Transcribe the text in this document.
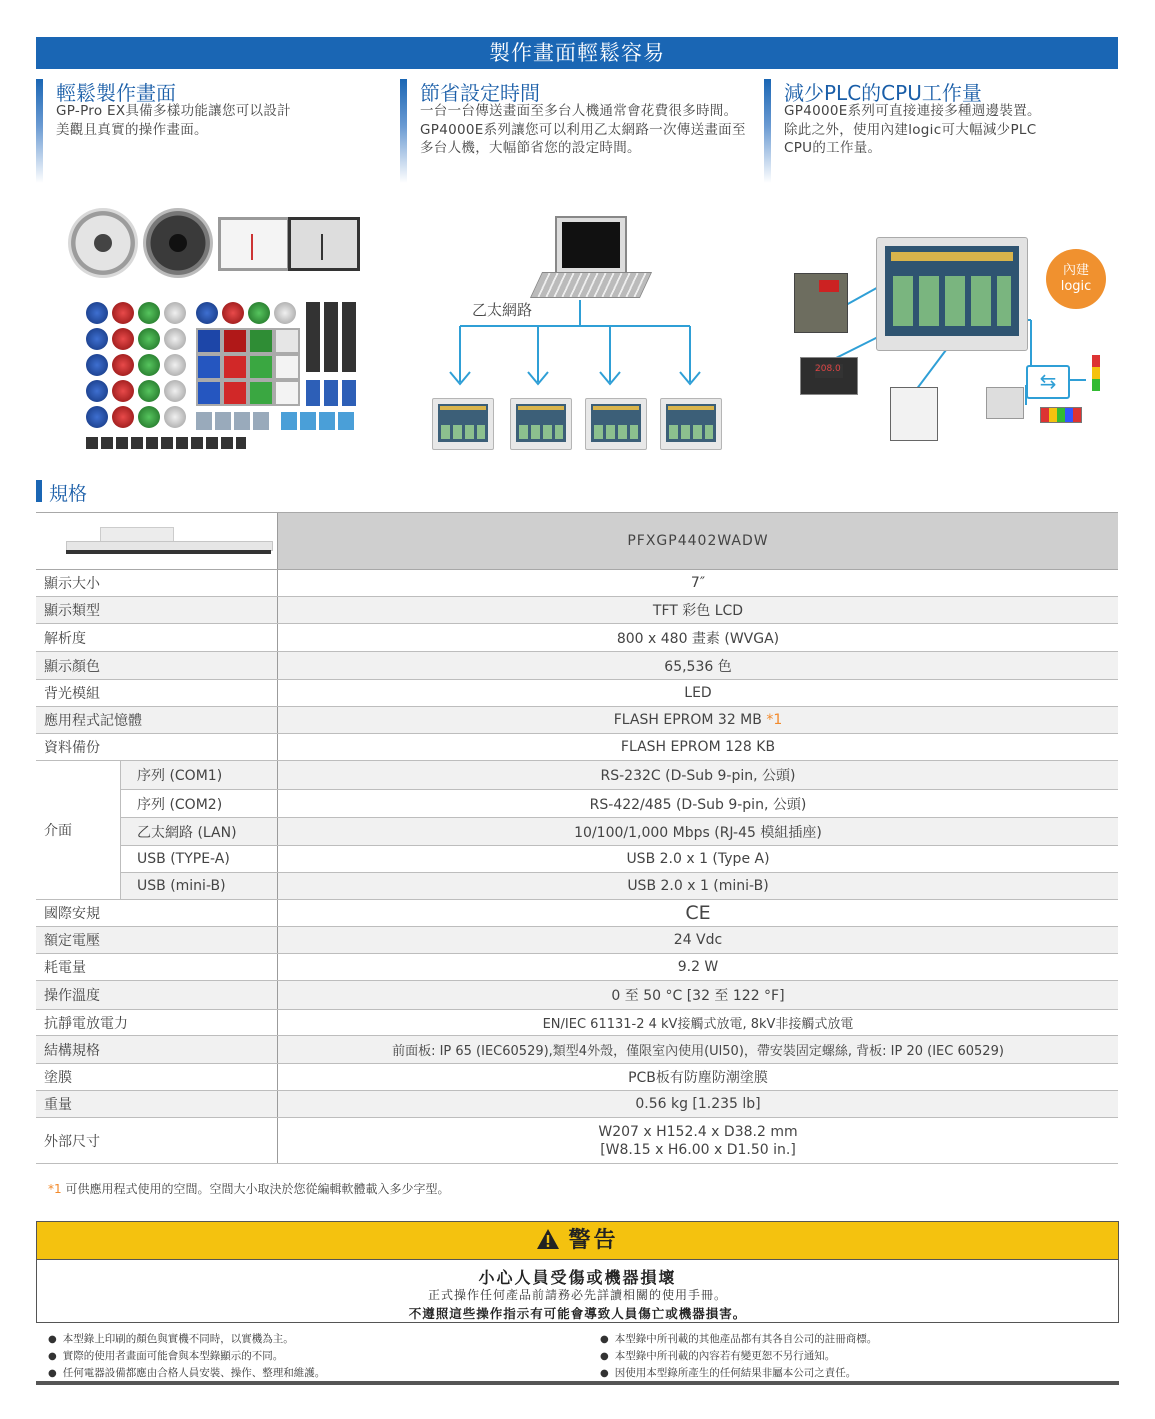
製作畫面輕鬆容易
輕鬆製作畫面

GP-Pro EX具備多樣功能讓您可以設計
美觀且真實的操作畫面。

節省設定時間

一台一台傳送畫面至多台人機通常會花費很多時間。
GP4000E系列讓您可以利用乙太網路一次傳送畫面至
多台人機，大幅節省您的設定時間。

減少PLC的CPU工作量

GP4000E系列可直接連接多種週邊裝置。
除此之外，使用內建logic可大幅減少PLC
CPU的工作量。

乙太網路
內建
logic
208.0	⇆
規格
		PFXGP4402WADW
顯示大小		7″
顯示類型		TFT 彩色 LCD
解析度		800 x 480 畫素 (WVGA)
顯示顏色		65,536 色
背光模組		LED
應用程式記憶體		FLASH EPROM 32 MB *1
資料備份		FLASH EPROM 128 KB
介面	序列 (COM1)	RS-232C (D-Sub 9-pin, 公頭)
	序列 (COM2)	RS-422/485 (D-Sub 9-pin, 公頭)
	乙太網路 (LAN)	10/100/1,000 Mbps (RJ-45 模組插座)
	USB (TYPE-A)	USB 2.0 x 1 (Type A)
	USB (mini-B)	USB 2.0 x 1 (mini-B)
國際安規		CE
額定電壓		24 Vdc
耗電量		9.2 W
操作溫度		0 至 50 °C [32 至 122 °F]
抗靜電放電力		EN/IEC 61131-2 4 kV接觸式放電, 8kV非接觸式放電
結構規格		前面板: IP 65 (IEC60529),類型4外殼，僅限室內使用(Ul50)，帶安裝固定螺絲, 背板: IP 20 (IEC 60529)
塗膜		PCB板有防塵防潮塗膜
重量		0.56 kg [1.235 lb]
外部尺寸		W207 x H152.4 x D38.2 mm
[W8.15 x H6.00 x D1.50 in.]
*1 可供應用程式使用的空間。空間大小取決於您從編輯軟體載入多少字型。
警告
小心人員受傷或機器損壞
正式操作任何產品前請務必先詳讀相關的使用手冊。
不遵照這些操作指示有可能會導致人員傷亡或機器損害。
● 本型錄上印刷的顏色與實機不同時，以實機為主。
● 實際的使用者畫面可能會與本型錄顯示的不同。
● 任何電器設備都應由合格人員安裝、操作、整理和維護。
● 本型錄中所刊載的其他產品都有其各自公司的註冊商標。
● 本型錄中所刊載的內容若有變更恕不另行通知。
● 因使用本型錄所產生的任何結果非屬本公司之責任。
